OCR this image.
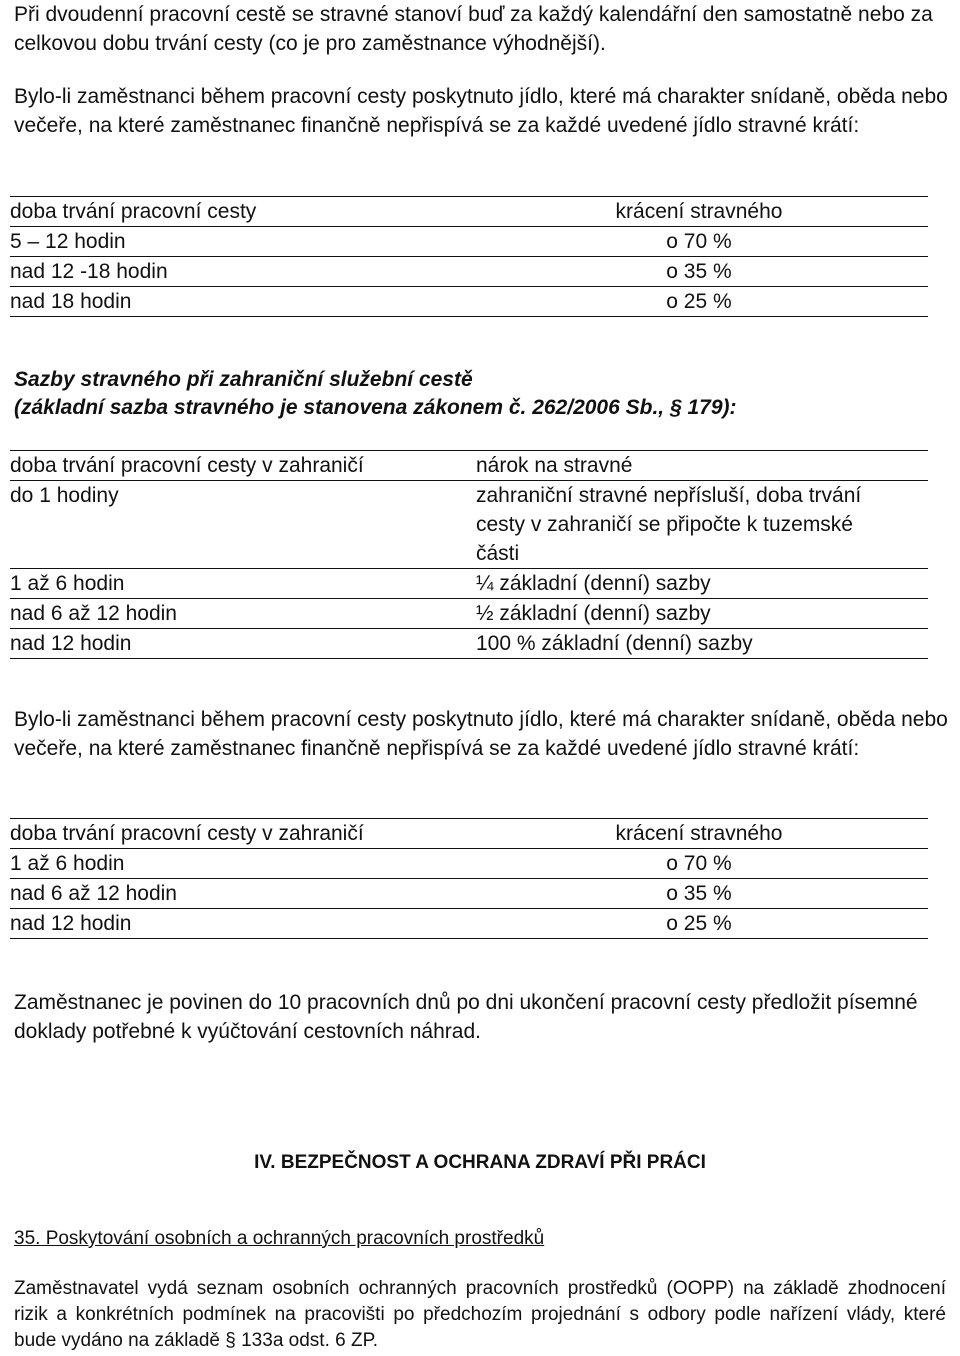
Při dvoudenní pracovní cestě se stravné stanoví buď za každý kalendářní den samostatně nebo za celkovou dobu trvání cesty (co je pro zaměstnance výhodnější).

Bylo-li zaměstnanci během pracovní cesty poskytnuto jídlo, které má charakter snídaně, oběda nebo večeře, na které zaměstnanec finančně nepřispívá se za každé uvedené jídlo stravné krátí:

doba trvání pracovní cesty	krácení stravného
5 – 12 hodin	o 70 %
nad 12 -18 hodin	o 35 %
nad 18 hodin	o 25 %
Sazby stravného při zahraniční služební cestě
(základní sazba stravného je stanovena zákonem č. 262/2006 Sb., § 179):
doba trvání pracovní cesty v zahraničí	nárok na stravné
do 1 hodiny	zahraniční stravné nepřísluší, doba trvání cesty v zahraničí se připočte k tuzemské části
1 až 6 hodin	¼ základní (denní) sazby
nad 6 až 12 hodin	½ základní (denní) sazby
nad 12 hodin	100 % základní (denní) sazby

Bylo-li zaměstnanci během pracovní cesty poskytnuto jídlo, které má charakter snídaně, oběda nebo večeře, na které zaměstnanec finančně nepřispívá se za každé uvedené jídlo stravné krátí:

doba trvání pracovní cesty v zahraničí	krácení stravného
1 až 6 hodin	o 70 %
nad 6 až 12 hodin	o 35 %
nad 12 hodin	o 25 %

Zaměstnanec je povinen do 10 pracovních dnů po dni ukončení pracovní cesty předložit písemné doklady potřebné k vyúčtování cestovních náhrad.

IV. BEZPEČNOST A OCHRANA ZDRAVÍ PŘI PRÁCI
35. Poskytování osobních a ochranných pracovních prostředků

Zaměstnavatel vydá seznam osobních ochranných pracovních prostředků (OOPP) na základě zhodnocení rizik a konkrétních podmínek na pracovišti po předchozím projednání s odbory podle nařízení vlády, které bude vydáno na základě § 133a odst. 6 ZP.
